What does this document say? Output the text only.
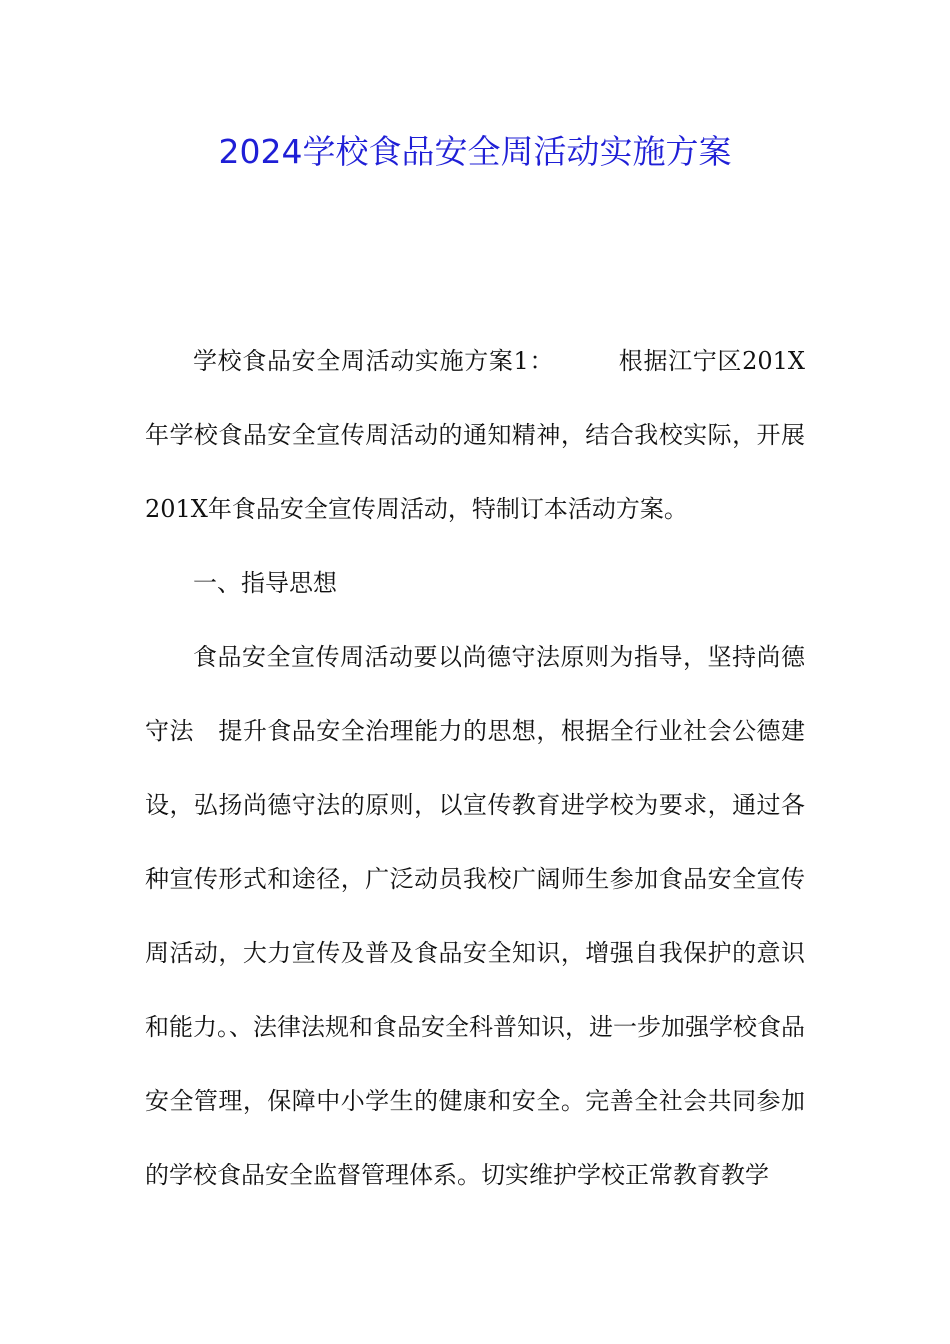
2024学校食品安全周活动实施方案
学校食品安全周活动实施方案1：	根据江宁区201X年学校食品安全宣传周活动的通知精神，结合我校实际，开展201X年食品安全宣传周活动，特制订本活动方案。
一、指导思想
食品安全宣传周活动要以尚德守法原则为指导，坚持尚德守法 提升食品安全治理能力的思想，根据全行业社会公德建设，弘扬尚德守法的原则，以宣传教育进学校为要求，通过各种宣传形式和途径，广泛动员我校广阔师生参加食品安全宣传周活动，大力宣传及普及食品安全知识，增强自我保护的意识和能力。、法律法规和食品安全科普知识，进一步加强学校食品安全管理，保障中小学生的健康和安全。完善全社会共同参加的学校食品安全监督管理体系。切实维护学校正常教育教学
